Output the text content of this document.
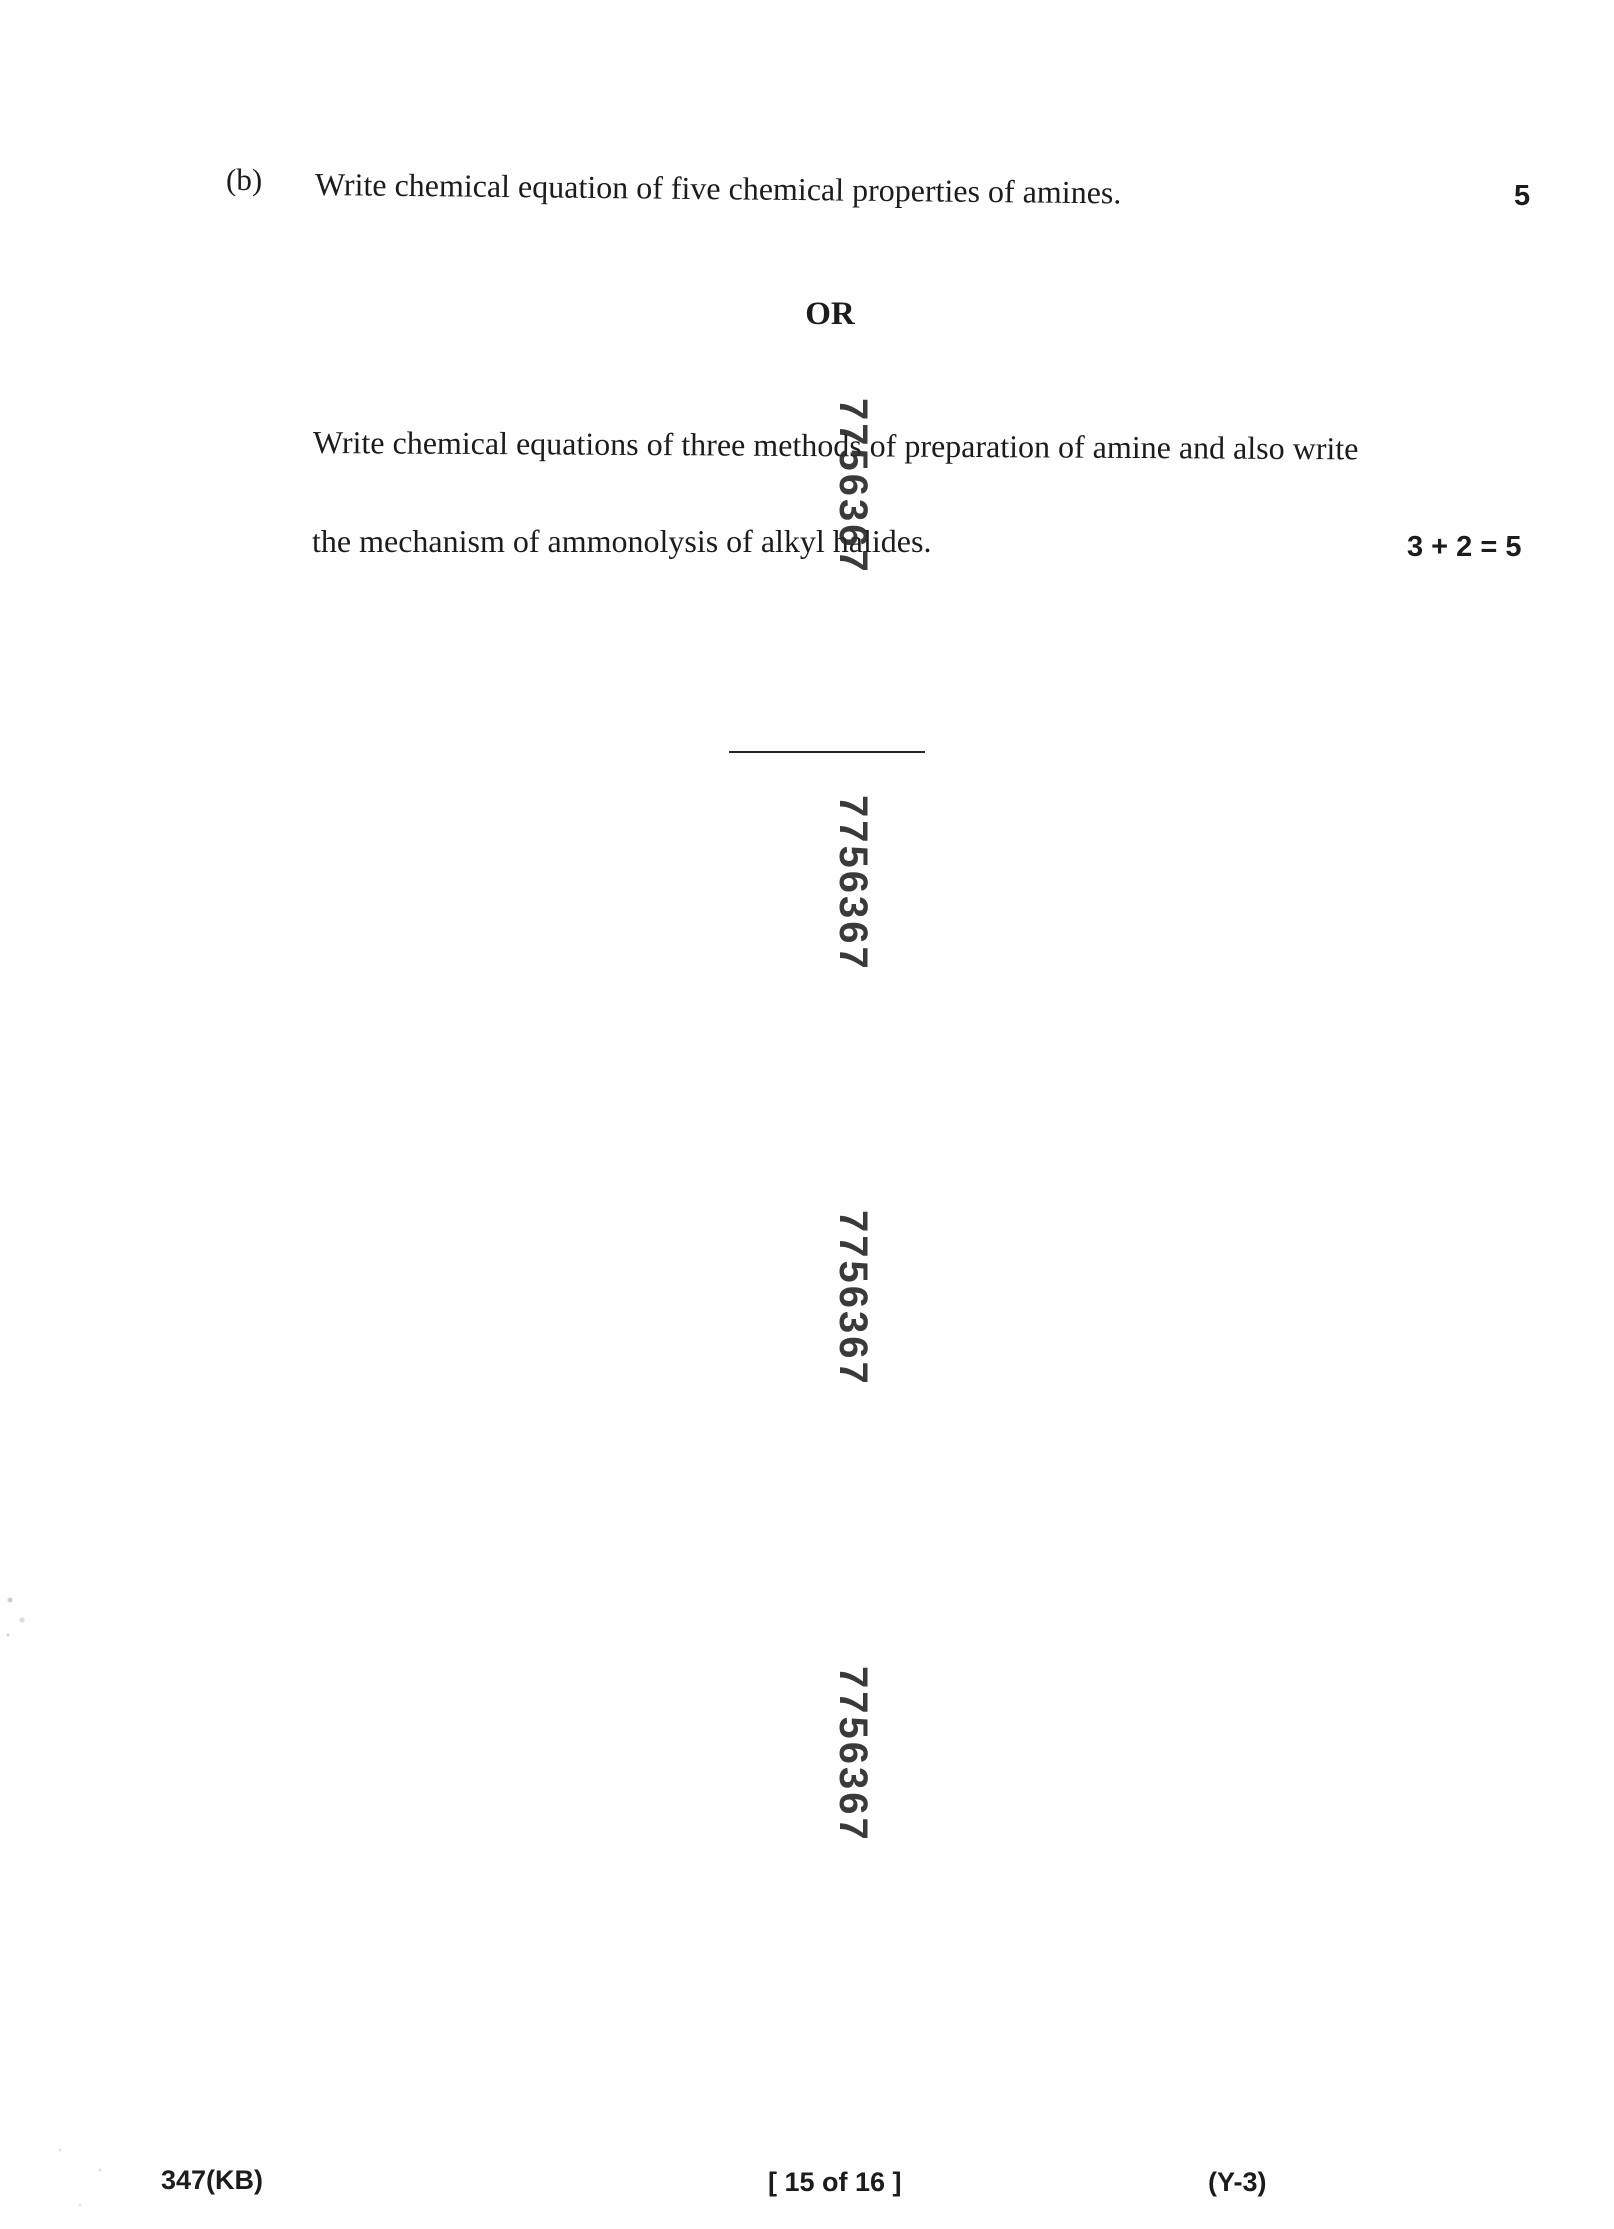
(b) Write chemical equation of five chemical properties of amines.	5
OR
Write chemical equations of three methods of preparation of amine and also write
the mechanism of ammonolysis of alkyl halides.	3 + 2 = 5
7756367
7756367
7756367
7756367
347(KB)	[ 15 of 16 ]	(Y-3)
